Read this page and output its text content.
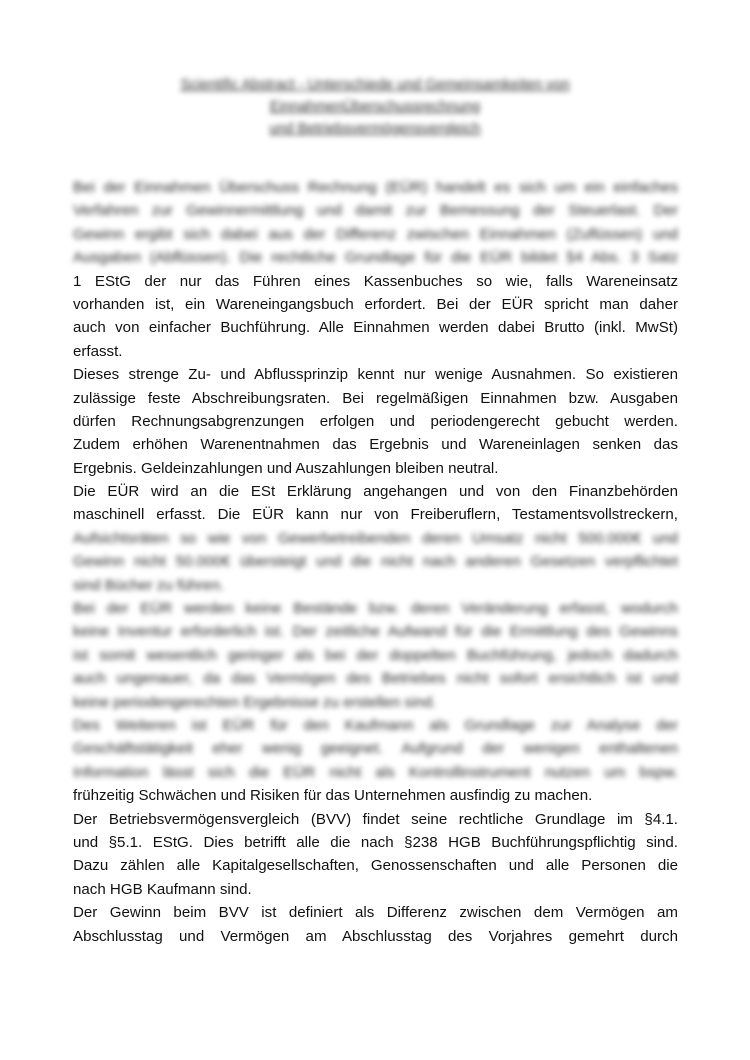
Scientific Abstract - Unterschiede und Gemeinsamkeiten von
EinnahmenÜberschussrechnung
und Betriebsvermögensvergleich
Bei der Einnahmen Überschuss Rechnung (EÜR) handelt es sich um ein einfaches
Verfahren zur Gewinnermittlung und damit zur Bemessung der Steuerlast. Der
Gewinn ergibt sich dabei aus der Differenz zwischen Einnahmen (Zuflüssen) und
Ausgaben (Abflüssen). Die rechtliche Grundlage für die EÜR bildet §4 Abs. 3 Satz
1 EStG der nur das Führen eines Kassenbuches so wie, falls Wareneinsatz
vorhanden ist, ein Wareneingangsbuch erfordert. Bei der EÜR spricht man daher
auch von einfacher Buchführung. Alle Einnahmen werden dabei Brutto (inkl. MwSt)
erfasst.
Dieses strenge Zu- und Abflussprinzip kennt nur wenige Ausnahmen. So existieren
zulässige feste Abschreibungsraten. Bei regelmäßigen Einnahmen bzw. Ausgaben
dürfen Rechnungsabgrenzungen erfolgen und periodengerecht gebucht werden.
Zudem erhöhen Warenentnahmen das Ergebnis und Wareneinlagen senken das
Ergebnis. Geldeinzahlungen und Auszahlungen bleiben neutral.
Die EÜR wird an die ESt Erklärung angehangen und von den Finanzbehörden
maschinell erfasst. Die EÜR kann nur von Freiberuflern, Testamentsvollstreckern,
Aufsichtsräten so wie von Gewerbetreibenden deren Umsatz nicht 500.000€ und
Gewinn nicht 50.000€ übersteigt und die nicht nach anderen Gesetzen verpflichtet
sind Bücher zu führen.
Bei der EÜR werden keine Bestände bzw. deren Veränderung erfasst, wodurch
keine Inventur erforderlich ist. Der zeitliche Aufwand für die Ermittlung des Gewinns
ist somit wesentlich geringer als bei der doppelten Buchführung, jedoch dadurch
auch ungenauer, da das Vermögen des Betriebes nicht sofort ersichtlich ist und
keine periodengerechten Ergebnisse zu erstellen sind.
Des Weiteren ist EÜR für den Kaufmann als Grundlage zur Analyse der
Geschäftstätigkeit eher wenig geeignet. Aufgrund der wenigen enthaltenen
Information lässt sich die EÜR nicht als Kontrollinstrument nutzen um bspw.
frühzeitig Schwächen und Risiken für das Unternehmen ausfindig zu machen.
Der Betriebsvermögensvergleich (BVV) findet seine rechtliche Grundlage im §4.1.
und §5.1. EStG. Dies betrifft alle die nach §238 HGB Buchführungspflichtig sind.
Dazu zählen alle Kapitalgesellschaften, Genossenschaften und alle Personen die
nach HGB Kaufmann sind.
Der Gewinn beim BVV ist definiert als Differenz zwischen dem Vermögen am
Abschlusstag und Vermögen am Abschlusstag des Vorjahres gemehrt durch
